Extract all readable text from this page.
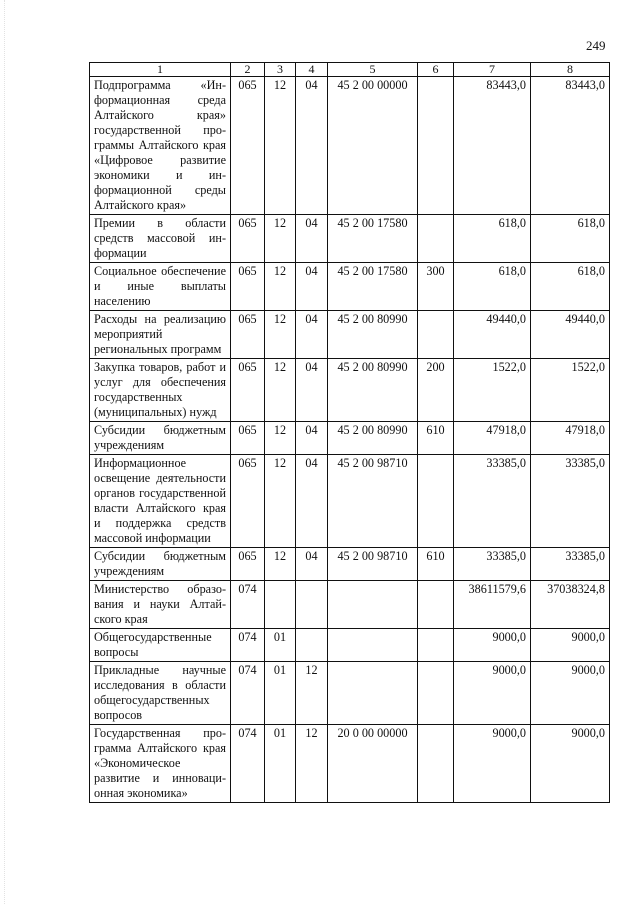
249
1	2	3	4	5	6	7	8
Подпрограмма «Информационная среда Алтайского края» государственной программы Алтайского края «Цифровое развитие экономики и информационной среды Алтайского края»	065	12	04	45 2 00 00000		83443,0	83443,0
Премии в области средств массовой информации	065	12	04	45 2 00 17580		618,0	618,0
Социальное обеспечение и иные выплаты населению	065	12	04	45 2 00 17580	300	618,0	618,0
Расходы на реализацию мероприятий региональных программ	065	12	04	45 2 00 80990		49440,0	49440,0
Закупка товаров, работ и услуг для обеспечения государственных (муниципальных) нужд	065	12	04	45 2 00 80990	200	1522,0	1522,0
Субсидии бюджетным учреждениям	065	12	04	45 2 00 80990	610	47918,0	47918,0
Информационное освещение деятельности органов государственной власти Алтайского края и поддержка средств массовой информации	065	12	04	45 2 00 98710		33385,0	33385,0
Субсидии бюджетным учреждениям	065	12	04	45 2 00 98710	610	33385,0	33385,0
Министерство образования и науки Алтайского края	074					38611579,6	37038324,8
Общегосударственные вопросы	074	01				9000,0	9000,0
Прикладные научные исследования в области общегосударственных вопросов	074	01	12			9000,0	9000,0
Государственная программа Алтайского края «Экономическое развитие и инновационная экономика»	074	01	12	20 0 00 00000		9000,0	9000,0
